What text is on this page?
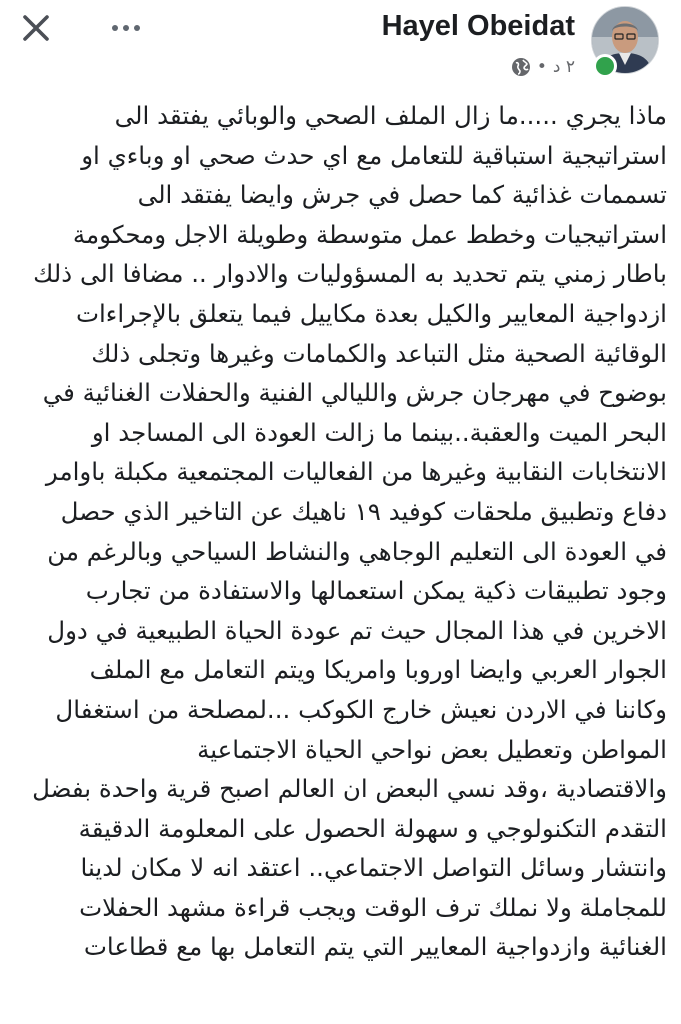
Hayel Obeidat
• ٢ د
ماذا يجري .....ما زال الملف الصحي والوبائي يفتقد الى
استراتيجية استباقية للتعامل مع اي حدث صحي او وباءي او
تسممات غذائية كما حصل في جرش وايضا يفتقد الى
استراتيجيات وخطط عمل متوسطة وطويلة الاجل ومحكومة
باطار زمني يتم تحديد به المسؤوليات والادوار .. مضافا الى ذلك
ازدواجية المعايير والكيل بعدة مكاييل فيما يتعلق بالإجراءات
الوقائية الصحية مثل التباعد والكمامات وغيرها وتجلى ذلك
بوضوح في مهرجان جرش والليالي الفنية والحفلات الغنائية في
البحر الميت والعقبة..بينما ما زالت العودة الى المساجد او
الانتخابات النقابية وغيرها من الفعاليات المجتمعية مكبلة باوامر
دفاع وتطبيق ملحقات كوفيد ١٩ ناهيك عن التاخير الذي حصل
في العودة الى التعليم الوجاهي والنشاط السياحي وبالرغم من
وجود تطبيقات ذكية يمكن استعمالها والاستفادة من تجارب
الاخرين في هذا المجال حيث تم عودة الحياة الطبيعية في دول
الجوار العربي وايضا اوروبا وامريكا ويتم التعامل مع الملف
وكاننا في الاردن نعيش خارج الكوكب ...لمصلحة من استغفال
المواطن وتعطيل بعض نواحي الحياة الاجتماعية
والاقتصادية ،وقد نسي البعض ان العالم اصبح قرية واحدة بفضل
التقدم التكنولوجي و سهولة الحصول على المعلومة الدقيقة
وانتشار وسائل التواصل الاجتماعي.. اعتقد انه لا مكان لدينا
للمجاملة ولا نملك ترف الوقت ويجب قراءة مشهد الحفلات
الغنائية وازدواجية المعايير التي يتم التعامل بها مع قطاعات
